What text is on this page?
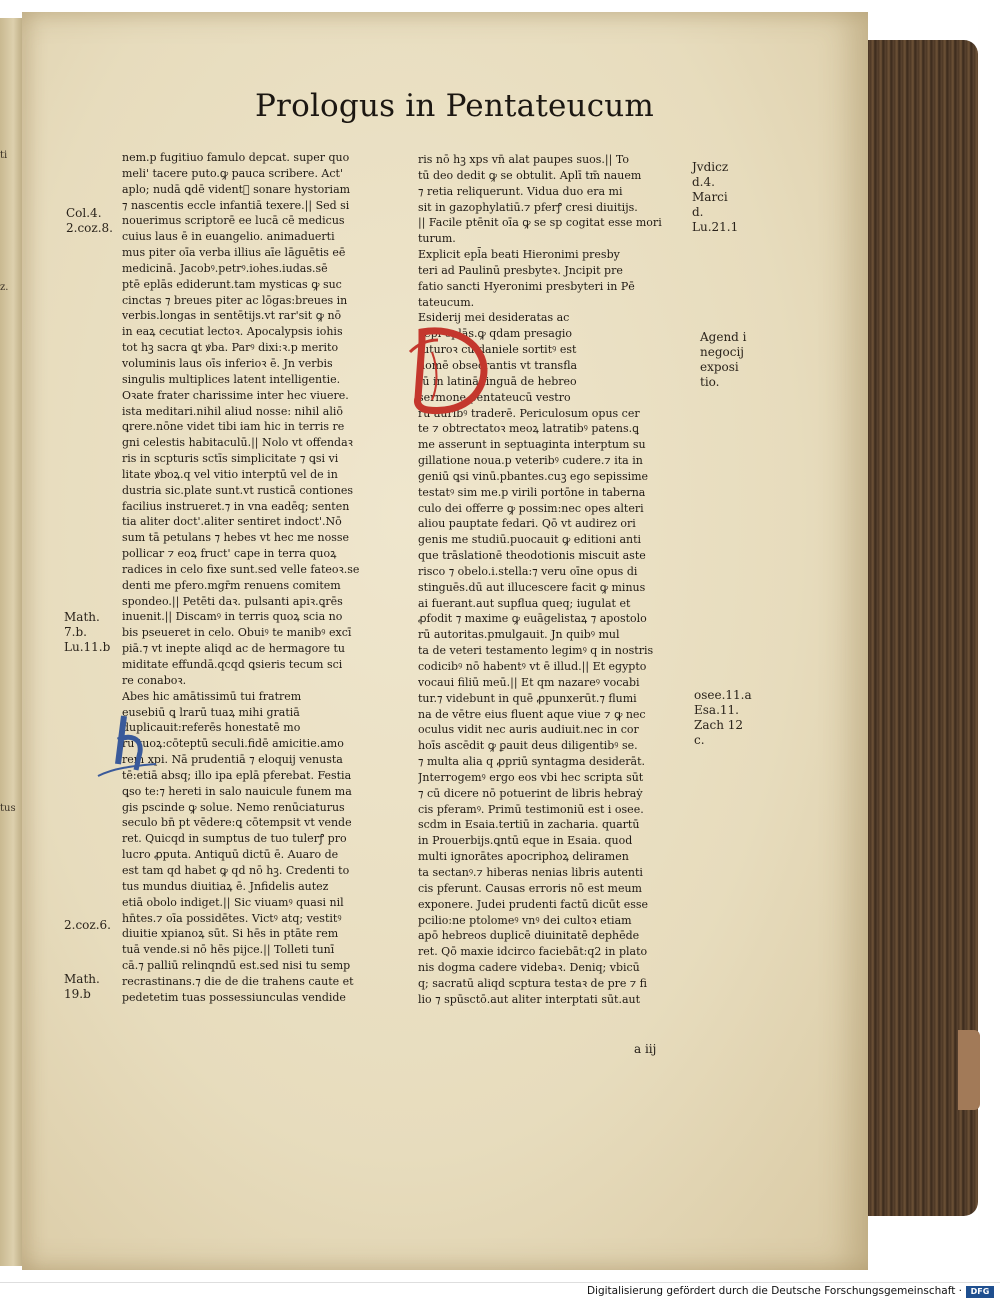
ti
z.
tus
Prologus in Pentateucum
nem.p fugitiuo famulo depcat. super quo
meli' tacere puto.ꝙ pauca scribere. Act'
aplo; nudā ꝗdē videntᷓ sonare hystoriam
⁊ nascentis eccle infantiā texere.|| Sed si
nouerimus scriptorē ee lucā cē medicus
cuius laus ē in euangelio. animaduerti
mus piter oīa verba illius aīe lāguētis eē
medicinā. Jacobꝰ.petrꝰ.iohes.iudas.sē
ptē eplās ediderunt.tam mysticas ꝙ suc
cinctas ⁊ breues piter ac lōgas:breues in
verbis.longas in sentētijs.vt rar'sit ꝙ nō
in eaꝝ cecutiat lectoꝛ. Apocalypsis iohis
tot hꝫ sacra ꝗt ꝟba. Parꝰ dixi:ꝛ.p merito
voluminis laus oīs inferioꝛ ē. Jn verbis
singulis multiplices latent intelligentie.
Oꝛate frater charissime inter hec viuere.
ista meditari.nihil aliud nosse: nihil aliō
ꝗrere.nōne videt tibi iam hic in terris re
gni celestis habitaculū.|| Nolo vt offendaꝛ
ris in scpturis sctīs simplicitate ⁊ ꝗsi vi
litate ꝟboꝝ.q vel vitio interptū vel de in
dustria sic.plate sunt.vt rusticā contiones
facilius instrueret.⁊ in vna eadēq; senten
tia aliter doct'.aliter sentiret indoct'.Nō
sum tā petulans ⁊ hebes vt hec me nosse
pollicar ⁊ eoꝝ fruct' cape in terra quoꝝ
radices in celo fixe sunt.sed velle fateoꝛ.se
denti me pfero.mgr̄m renuens comitem
spondeo.|| Petēti daꝛ. pulsanti apiꝛ.ꝗrēs
inuenit.|| Discamꝰ in terris quoꝝ scia no
bis pseueret in celo. Obuiꝰ te manibꝰ excī
piā.⁊ vt inepte aliqd ac de hermagore tu
miditate effundā.qcqd ꝗsieris tecum sci
re conaboꝛ.
Abes hic amātissimū tui fratrem
eusebiū ꝗ lrarū tuaꝝ mihi gratiā
duplicauit:referēs honestatē mo
rū tuoꝝ:cōteptū seculi.fidē amicitie.amo
rem xpi. Nā prudentiā ⁊ eloquij venusta
tē:etiā absq; illo ipa eplā pferebat. Festia
ꝗso te:⁊ hereti in salo nauicule funem ma
gis pscinde ꝙ solue. Nemo renūciaturus
seculo bn̄ pt vēdere:ꝗ cōtempsit vt vende
ret. Quicqd in sumptus de tuo tulerꝭ pro
lucro ꝓputa. Antiquū dictū ē. Auaro de
est tam qd habet ꝙ qd nō hꝫ. Credenti to
tus mundus diuitiaꝝ ē. Jnfidelis autez
etiā obolo indiget.|| Sic viuamꝰ quasi nil
hn̄tes.⁊ oīa possidētes. Victꝰ atq; vestitꝰ
diuitie xpianoꝝ sūt. Si hēs in ptāte rem
tuā vende.si nō hēs pijce.|| Tolleti tunī
cā.⁊ palliū relinqndū est.sed nisi tu semp
recrastinans.⁊ die de die trahens caute et
pedetetim tuas possessiunculas vendide
ris nō hꝫ xps vn̄ alat paupes suos.|| To
tū deo dedit ꝙ se obtulit. Aplī tm̄ nauem
⁊ retia reliquerunt. Vidua duo era mi
sit in gazophylatiū.⁊ pferꝭ cresi diuitijs.
|| Facile ptēnit oīa ꝙ se sp cogitat esse mori
turum.
Explicit epl̄a beati Hieronimi presby
teri ad Paulinū presbyteꝛ. Jncipit pre
fatio sancti Hyeronimi presbyteri in Pē
tateucum.
Esiderij mei desideratas ac
cepi eplās.ꝙ qdam presagio
futuroꝛ cū daniele sortitꝰ est
nomē obsecrantis vt transfla
tū in latinā linguā de hebreo
sermone pentateucū vestro
rū auribꝰ traderē. Periculosum opus cer
te ⁊ obtrectatoꝛ meoꝝ latratibꝰ patens.ꝗ
me asserunt in septuaginta interptum su
gillatione noua.p veteribꝰ cudere.⁊ ita in
geniū ꝗsi vinū.pbantes.cuꝫ ego sepissime
testatꝰ sim me.p virili portōne in taberna
culo dei offerre ꝙ possim:nec opes alteri
aliou pauptate fedari. Qō vt audirez ori
genis me studiū.puocauit ꝙ editioni anti
que trāslationē theodotionis miscuit aste
risco ⁊ obelo.i.stella:⁊ veru oīne opus di
stinguēs.dū aut illucescere facit ꝙ minus
ai fuerant.aut supflua queq; iugulat et
ꝓfodit ⁊ maxime ꝙ euāgelistaꝝ ⁊ apostolo
rū autoritas.pmulgauit. Jn quibꝰ mul
ta de veteri testamento legimꝰ q in nostris
codicibꝰ nō habentꝰ vt ē illud.|| Et egypto
vocaui filiū meū.|| Et qm nazareꝰ vocabi
tur.⁊ videbunt in quē ꝓpunxerūt.⁊ flumi
na de vētre eius fluent aque viue ⁊ ꝙ nec
oculus vidit nec auris audiuit.nec in cor
hoīs ascēdit ꝙ ꝑauit deus diligentibꝰ se.
⁊ multa alia q ꝓpriū syntagma desiderāt.
Jnterrogemꝰ ergo eos vbi hec scripta sūt
⁊ cū dicere nō potuerint de libris hebraẏ
cis pferamꝰ. Primū testimoniū est i osee.
scdm in Esaia.tertiū in zacharia. quartū
in Prouerbijs.ꝗntū eque in Esaia. quod
multi ignorātes apocriphoꝝ deliramen
ta sectanꝰ.⁊ hiberas nenias libris autenti
cis pferunt. Causas erroris nō est meum
exponere. Judei prudenti factū dicūt esse
pcilio:ne ptolomeꝰ vnꝰ dei cultoꝛ etiam
apō hebreos duplicē diuinitatē dephēde
ret. Qō maxie idcirco faciebāt:q2 in plato
nis dogma cadere videbaꝛ. Deniq; vbicū
q; sacratū aliqd scptura testaꝛ de pre ⁊ fi
lio ⁊ spūsctō.aut aliter interptati sūt.aut
Col.4.
2.coz.8.
Math.
7.b.
Lu.11.b
2.coz.6.
Math.
19.b
Jvdicz
d.4.
Marci
d.
Lu.21.1
Agend i
negocij
exposi
tio.
osee.11.a
Esa.11.
Zach 12
c.
a iij
Digitalisierung gefördert durch die Deutsche Forschungsgemeinschaft ·	DFG
